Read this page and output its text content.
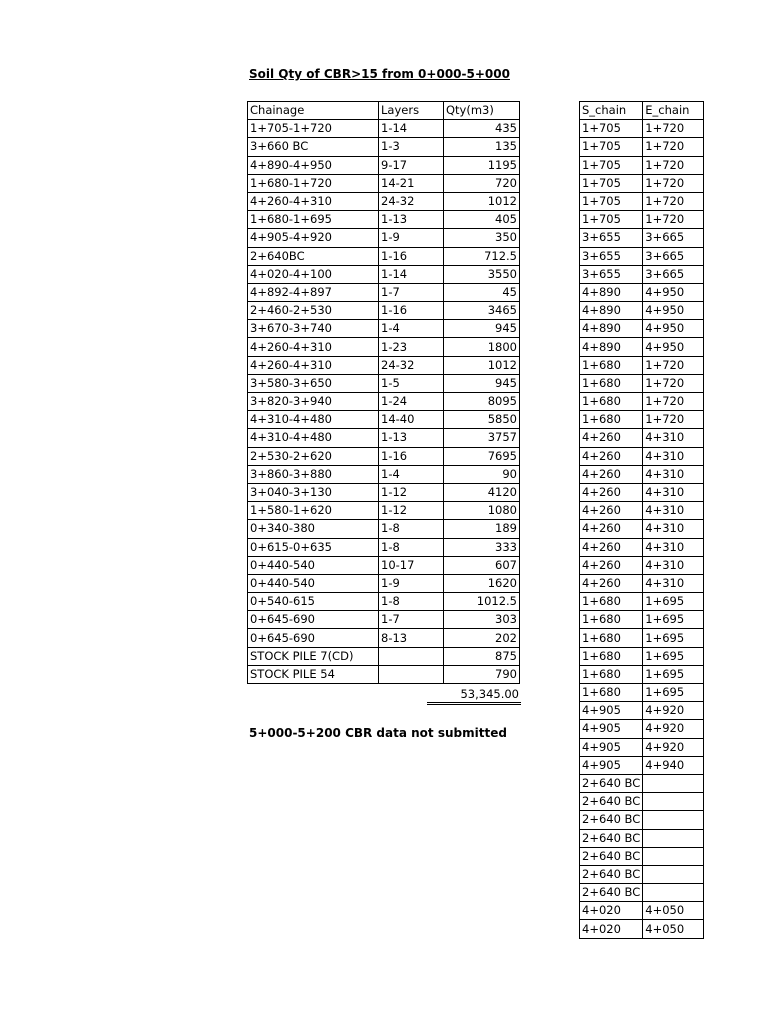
Soil Qty of CBR>15 from 0+000-5+000
Chainage	Layers	Qty(m3)
1+705-1+720	1-14	435
3+660 BC	1-3	135
4+890-4+950	9-17	1195
1+680-1+720	14-21	720
4+260-4+310	24-32	1012
1+680-1+695	1-13	405
4+905-4+920	1-9	350
2+640BC	1-16	712.5
4+020-4+100	1-14	3550
4+892-4+897	1-7	45
2+460-2+530	1-16	3465
3+670-3+740	1-4	945
4+260-4+310	1-23	1800
4+260-4+310	24-32	1012
3+580-3+650	1-5	945
3+820-3+940	1-24	8095
4+310-4+480	14-40	5850
4+310-4+480	1-13	3757
2+530-2+620	1-16	7695
3+860-3+880	1-4	90
3+040-3+130	1-12	4120
1+580-1+620	1-12	1080
0+340-380	1-8	189
0+615-0+635	1-8	333
0+440-540	10-17	607
0+440-540	1-9	1620
0+540-615	1-8	1012.5
0+645-690	1-7	303
0+645-690	8-13	202
STOCK PILE 7(CD)		875
STOCK PILE 54		790
53,345.00
5+000-5+200 CBR data not submitted
S_chain	E_chain
1+705	1+720
1+705	1+720
1+705	1+720
1+705	1+720
1+705	1+720
1+705	1+720
3+655	3+665
3+655	3+665
3+655	3+665
4+890	4+950
4+890	4+950
4+890	4+950
4+890	4+950
1+680	1+720
1+680	1+720
1+680	1+720
1+680	1+720
4+260	4+310
4+260	4+310
4+260	4+310
4+260	4+310
4+260	4+310
4+260	4+310
4+260	4+310
4+260	4+310
4+260	4+310
1+680	1+695
1+680	1+695
1+680	1+695
1+680	1+695
1+680	1+695
1+680	1+695
4+905	4+920
4+905	4+920
4+905	4+920
4+905	4+940
2+640 BC	
2+640 BC	
2+640 BC	
2+640 BC	
2+640 BC	
2+640 BC	
2+640 BC	
4+020	4+050
4+020	4+050
